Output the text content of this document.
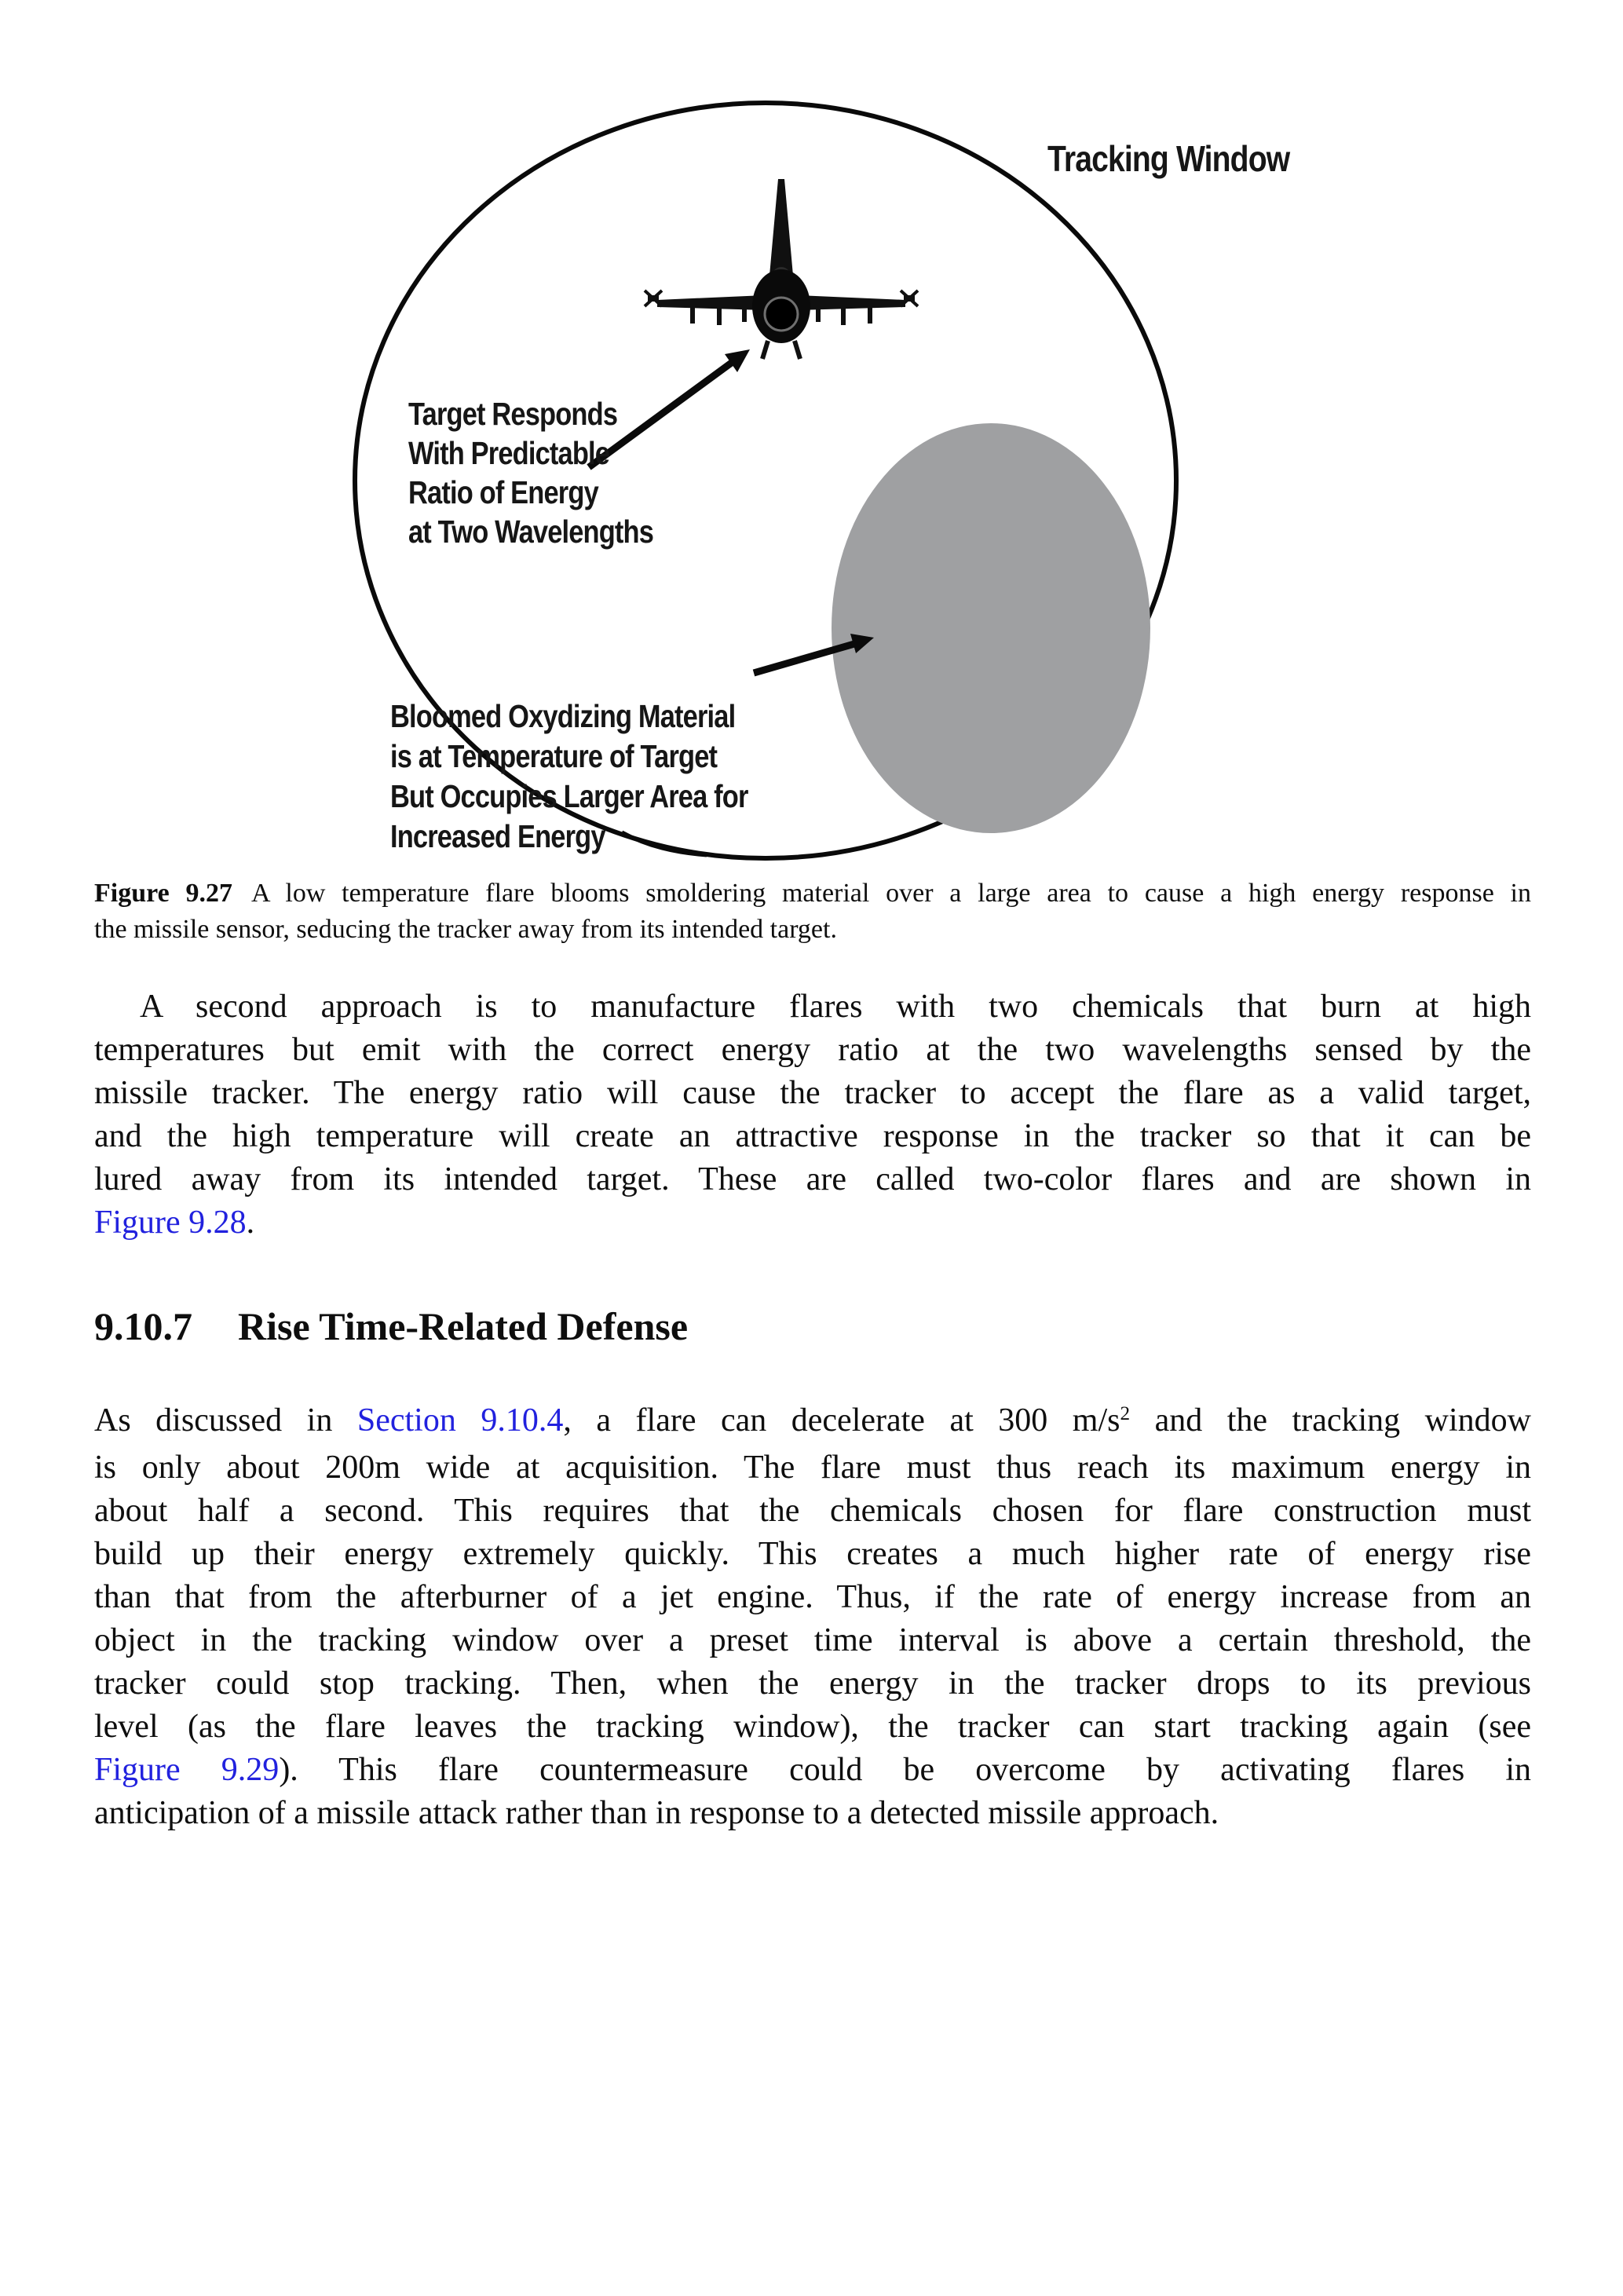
Tracking Window
Target Responds
With Predictable
Ratio of Energy
at Two Wavelengths
Bloomed Oxydizing Material
is at Temperature of Target
But Occupies Larger Area for
Increased Energy
Figure 9.27 A low temperature flare blooms smoldering material over a large area to cause a high energy response in
the missile sensor, seducing the tracker away from its intended target.
A second approach is to manufacture flares with two chemicals that burn at high
temperatures but emit with the correct energy ratio at the two wavelengths sensed by the
missile tracker. The energy ratio will cause the tracker to accept the flare as a valid target,
and the high temperature will create an attractive response in the tracker so that it can be
lured away from its intended target. These are called two-color flares and are shown in
Figure 9.28.
9.10.7 Rise Time-Related Defense
As discussed in Section 9.10.4, a flare can decelerate at 300 $m/s^2$ and the tracking window
is only about 200m wide at acquisition. The flare must thus reach its maximum energy in
about half a second. This requires that the chemicals chosen for flare construction must
build up their energy extremely quickly. This creates a much higher rate of energy rise
than that from the afterburner of a jet engine. Thus, if the rate of energy increase from an
object in the tracking window over a preset time interval is above a certain threshold, the
tracker could stop tracking. Then, when the energy in the tracker drops to its previous
level (as the flare leaves the tracking window), the tracker can start tracking again (see
Figure 9.29). This flare countermeasure could be overcome by activating flares in
anticipation of a missile attack rather than in response to a detected missile approach.
